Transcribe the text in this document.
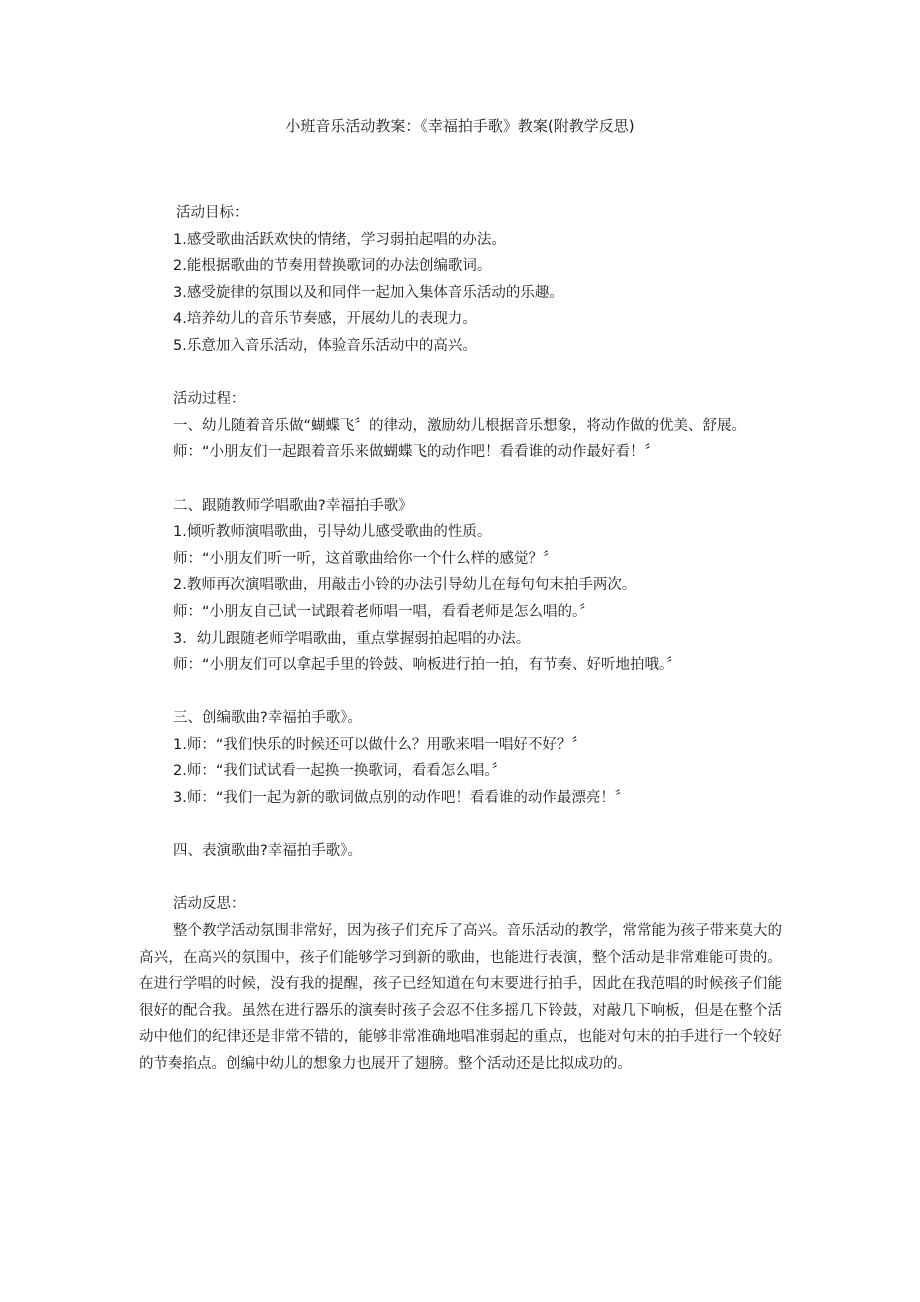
小班音乐活动教案：《幸福拍手歌》教案(附教学反思)

活动目标：

1.感受歌曲活跃欢快的情绪，学习弱拍起唱的办法。

2.能根据歌曲的节奏用替换歌词的办法创编歌词。

3.感受旋律的氛围以及和同伴一起加入集体音乐活动的乐趣。

4.培养幼儿的音乐节奏感，开展幼儿的表现力。

5.乐意加入音乐活动，体验音乐活动中的高兴。

活动过程：

一、幼儿随着音乐做“蝴蝶飞〞的律动，激励幼儿根据音乐想象，将动作做的优美、舒展。

师：“小朋友们一起跟着音乐来做蝴蝶飞的动作吧！看看谁的动作最好看！〞

二、跟随教师学唱歌曲?幸福拍手歌》

1.倾听教师演唱歌曲，引导幼儿感受歌曲的性质。

师：“小朋友们听一听，这首歌曲给你一个什么样的感觉？〞

2.教师再次演唱歌曲，用敲击小铃的办法引导幼儿在每句句末拍手两次。

师：“小朋友自己试一试跟着老师唱一唱，看看老师是怎么唱的。〞

3．幼儿跟随老师学唱歌曲，重点掌握弱拍起唱的办法。

师：“小朋友们可以拿起手里的铃鼓、响板进行拍一拍，有节奏、好听地拍哦。〞

三、创编歌曲?幸福拍手歌》。

1.师：“我们快乐的时候还可以做什么？用歌来唱一唱好不好？〞

2.师：“我们试试看一起换一换歌词，看看怎么唱。〞

3.师：“我们一起为新的歌词做点别的动作吧！看看谁的动作最漂亮！〞

四、表演歌曲?幸福拍手歌》。

活动反思：

整个教学活动氛围非常好，因为孩子们充斥了高兴。音乐活动的教学，常常能为孩子带来莫大的高兴，在高兴的氛围中，孩子们能够学习到新的歌曲，也能进行表演，整个活动是非常难能可贵的。在进行学唱的时候，没有我的提醒，孩子已经知道在句末要进行拍手，因此在我范唱的时候孩子们能很好的配合我。虽然在进行器乐的演奏时孩子会忍不住多摇几下铃鼓，对敲几下响板，但是在整个活动中他们的纪律还是非常不错的，能够非常准确地唱准弱起的重点，也能对句末的拍手进行一个较好的节奏掐点。创编中幼儿的想象力也展开了翅膀。整个活动还是比拟成功的。
